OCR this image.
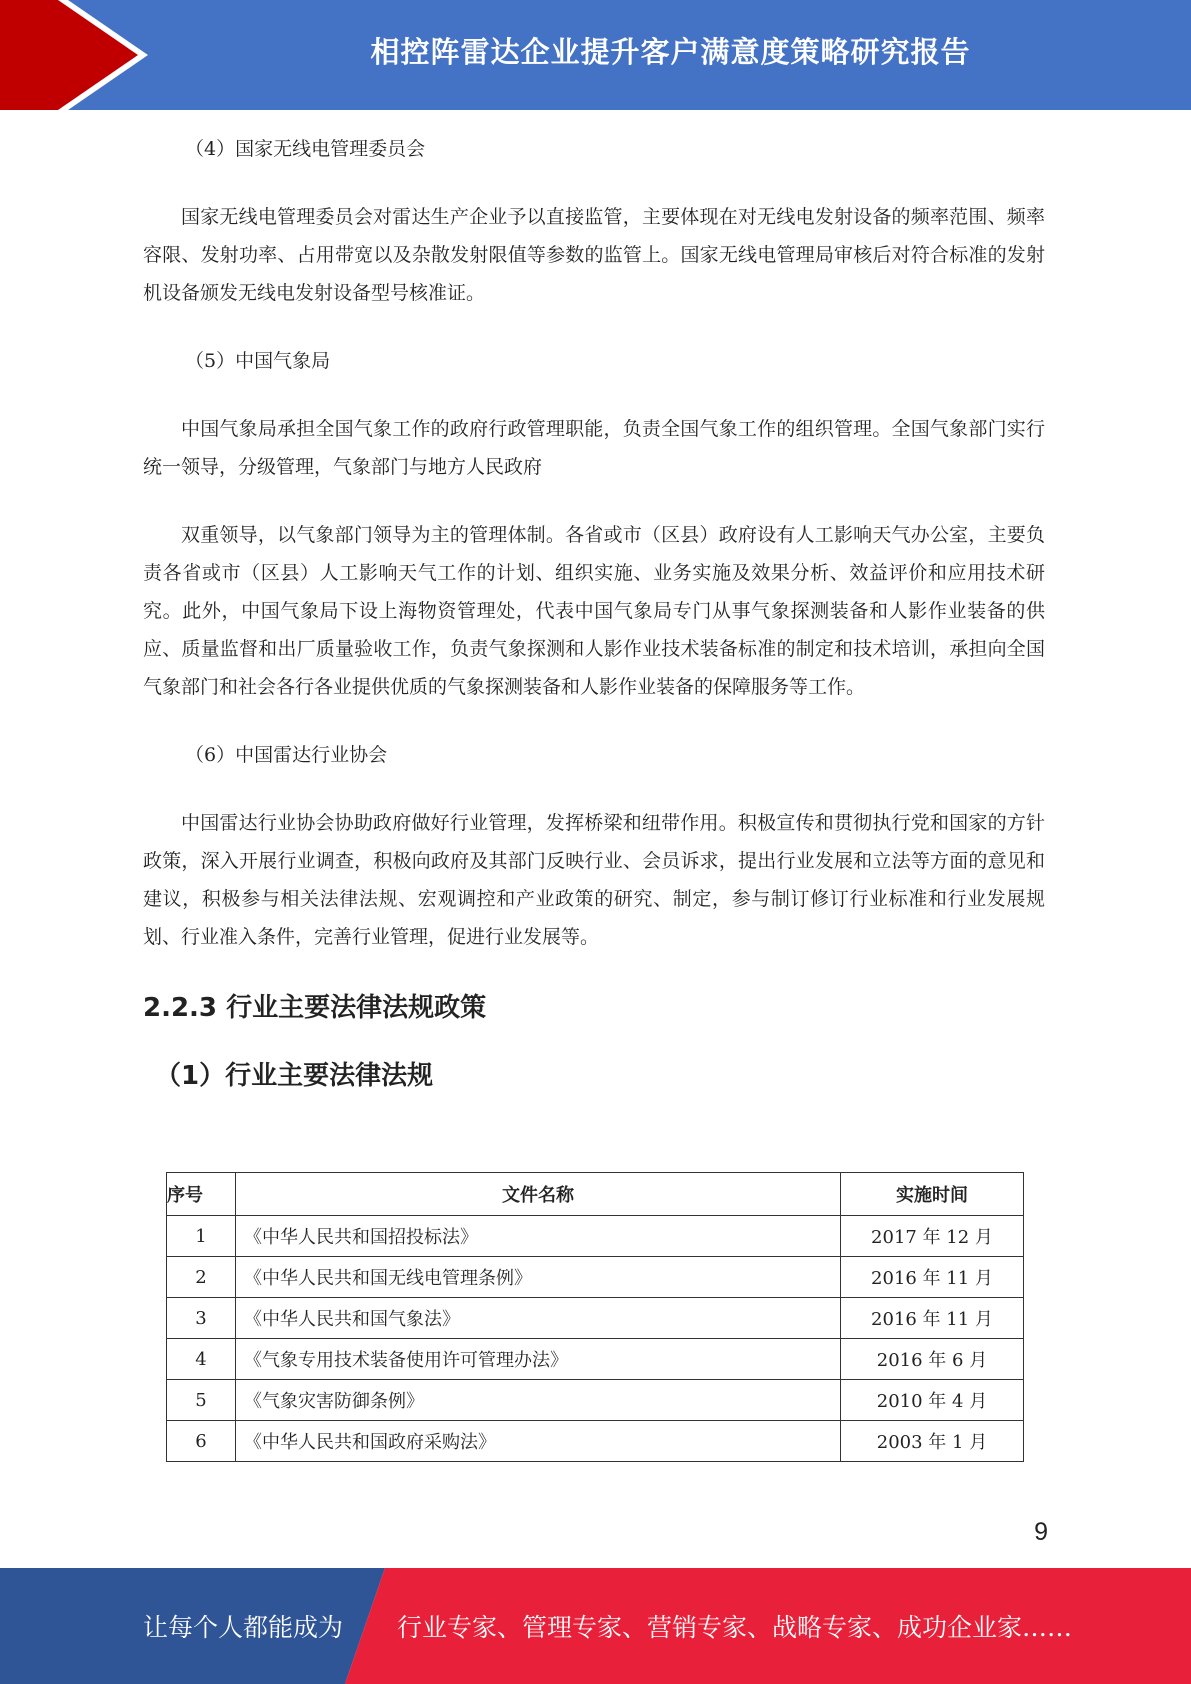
相控阵雷达企业提升客户满意度策略研究报告

（4）国家无线电管理委员会

国家无线电管理委员会对雷达生产企业予以直接监管，主要体现在对无线电发射设备的频率范围、频率容限、发射功率、占用带宽以及杂散发射限值等参数的监管上。国家无线电管理局审核后对符合标准的发射机设备颁发无线电发射设备型号核准证。

（5）中国气象局

中国气象局承担全国气象工作的政府行政管理职能，负责全国气象工作的组织管理。全国气象部门实行统一领导，分级管理，气象部门与地方人民政府

双重领导，以气象部门领导为主的管理体制。各省或市（区县）政府设有人工影响天气办公室，主要负责各省或市（区县）人工影响天气工作的计划、组织实施、业务实施及效果分析、效益评价和应用技术研究。此外，中国气象局下设上海物资管理处，代表中国气象局专门从事气象探测装备和人影作业装备的供应、质量监督和出厂质量验收工作，负责气象探测和人影作业技术装备标准的制定和技术培训，承担向全国气象部门和社会各行各业提供优质的气象探测装备和人影作业装备的保障服务等工作。

（6）中国雷达行业协会

中国雷达行业协会协助政府做好行业管理，发挥桥梁和纽带作用。积极宣传和贯彻执行党和国家的方针政策，深入开展行业调查，积极向政府及其部门反映行业、会员诉求，提出行业发展和立法等方面的意见和建议，积极参与相关法律法规、宏观调控和产业政策的研究、制定，参与制订修订行业标准和行业发展规划、行业准入条件，完善行业管理，促进行业发展等。

2.2.3 行业主要法律法规政策
（1）行业主要法律法规
序号	文件名称	实施时间
1	《中华人民共和国招投标法》	2017 年 12 月
2	《中华人民共和国无线电管理条例》	2016 年 11 月
3	《中华人民共和国气象法》	2016 年 11 月
4	《气象专用技术装备使用许可管理办法》	2016 年 6 月
5	《气象灾害防御条例》	2010 年 4 月
6	《中华人民共和国政府采购法》	2003 年 1 月
9
让每个人都能成为 行业专家、管理专家、营销专家、战略专家、成功企业家……
